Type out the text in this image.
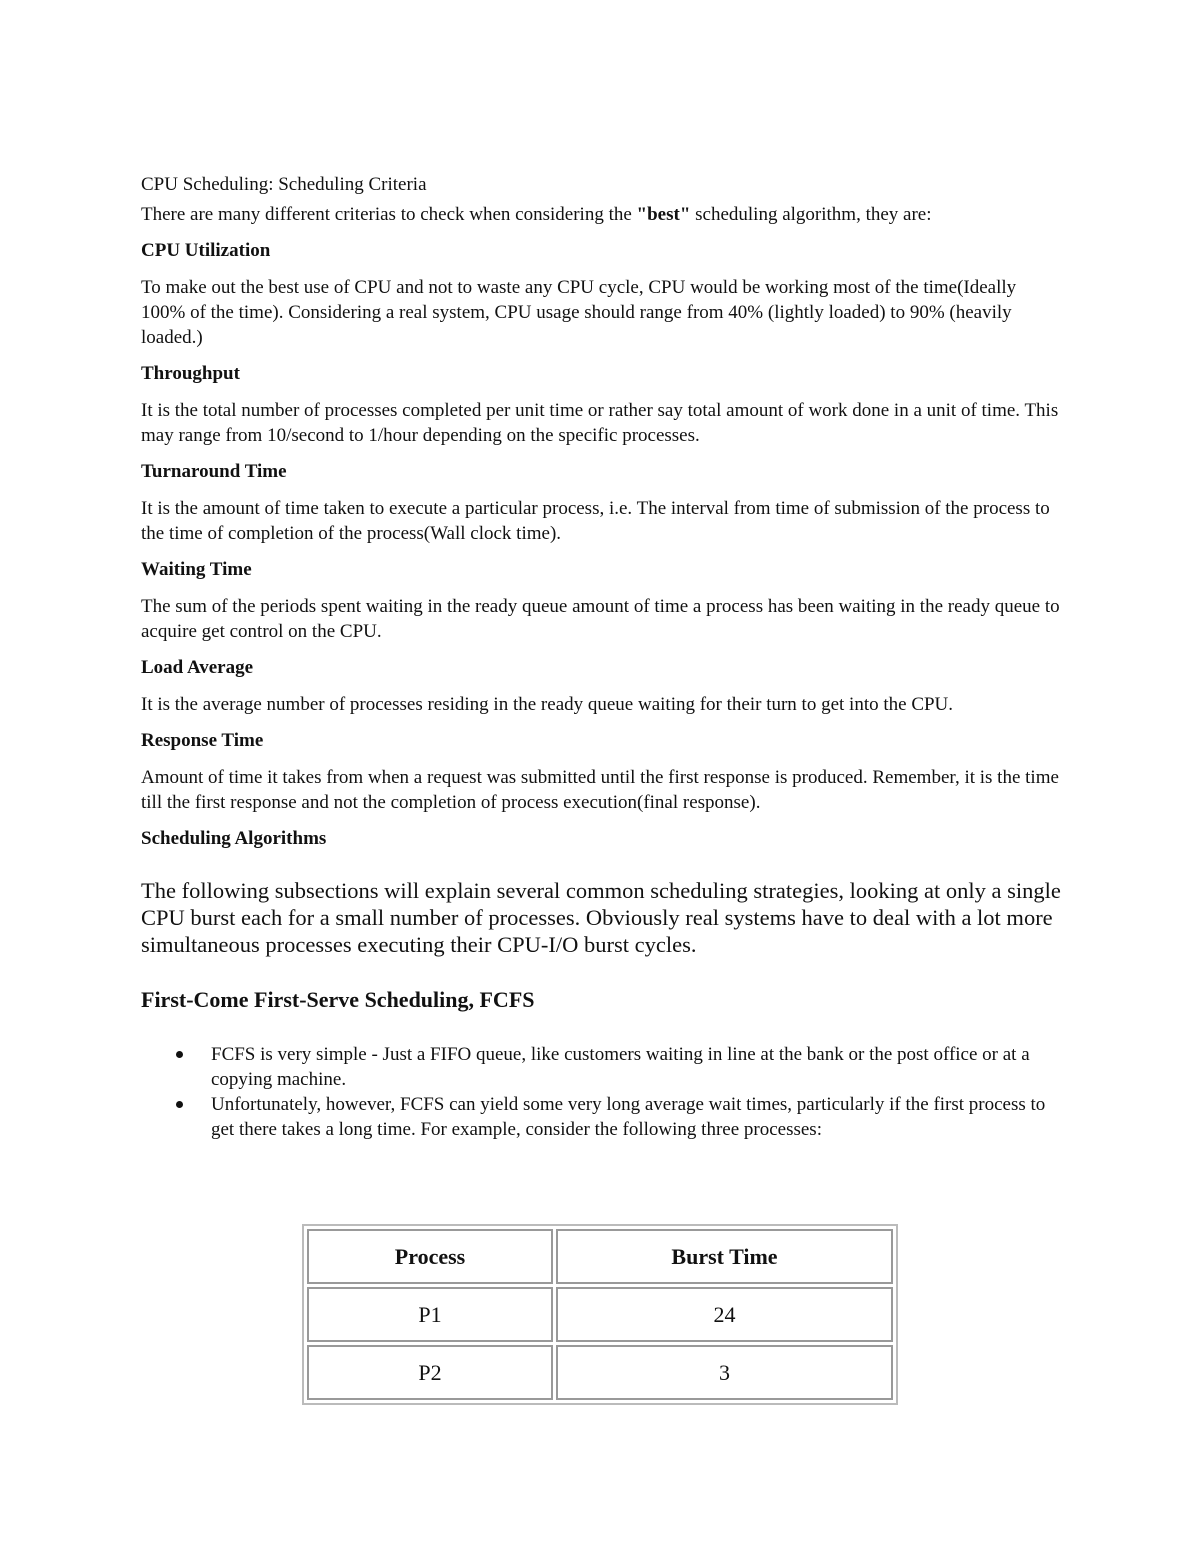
CPU Scheduling: Scheduling Criteria

There are many different criterias to check when considering the "best" scheduling algorithm, they are:

CPU Utilization

To make out the best use of CPU and not to waste any CPU cycle, CPU would be working most of the time(Ideally 100% of the time). Considering a real system, CPU usage should range from 40% (lightly loaded) to 90% (heavily loaded.)

Throughput

It is the total number of processes completed per unit time or rather say total amount of work done in a unit of time. This may range from 10/second to 1/hour depending on the specific processes.

Turnaround Time

It is the amount of time taken to execute a particular process, i.e. The interval from time of submission of the process to the time of completion of the process(Wall clock time).

Waiting Time

The sum of the periods spent waiting in the ready queue amount of time a process has been waiting in the ready queue to acquire get control on the CPU.

Load Average

It is the average number of processes residing in the ready queue waiting for their turn to get into the CPU.

Response Time

Amount of time it takes from when a request was submitted until the first response is produced. Remember, it is the time till the first response and not the completion of process execution(final response).

Scheduling Algorithms

The following subsections will explain several common scheduling strategies, looking at only a single CPU burst each for a small number of processes. Obviously real systems have to deal with a lot more simultaneous processes executing their CPU-I/O burst cycles.

First-Come First-Serve Scheduling, FCFS

FCFS is very simple - Just a FIFO queue, like customers waiting in line at the bank or the post office or at a copying machine.
Unfortunately, however, FCFS can yield some very long average wait times, particularly if the first process to get there takes a long time. For example, consider the following three processes:
Process	Burst Time
P1	24
P2	3
